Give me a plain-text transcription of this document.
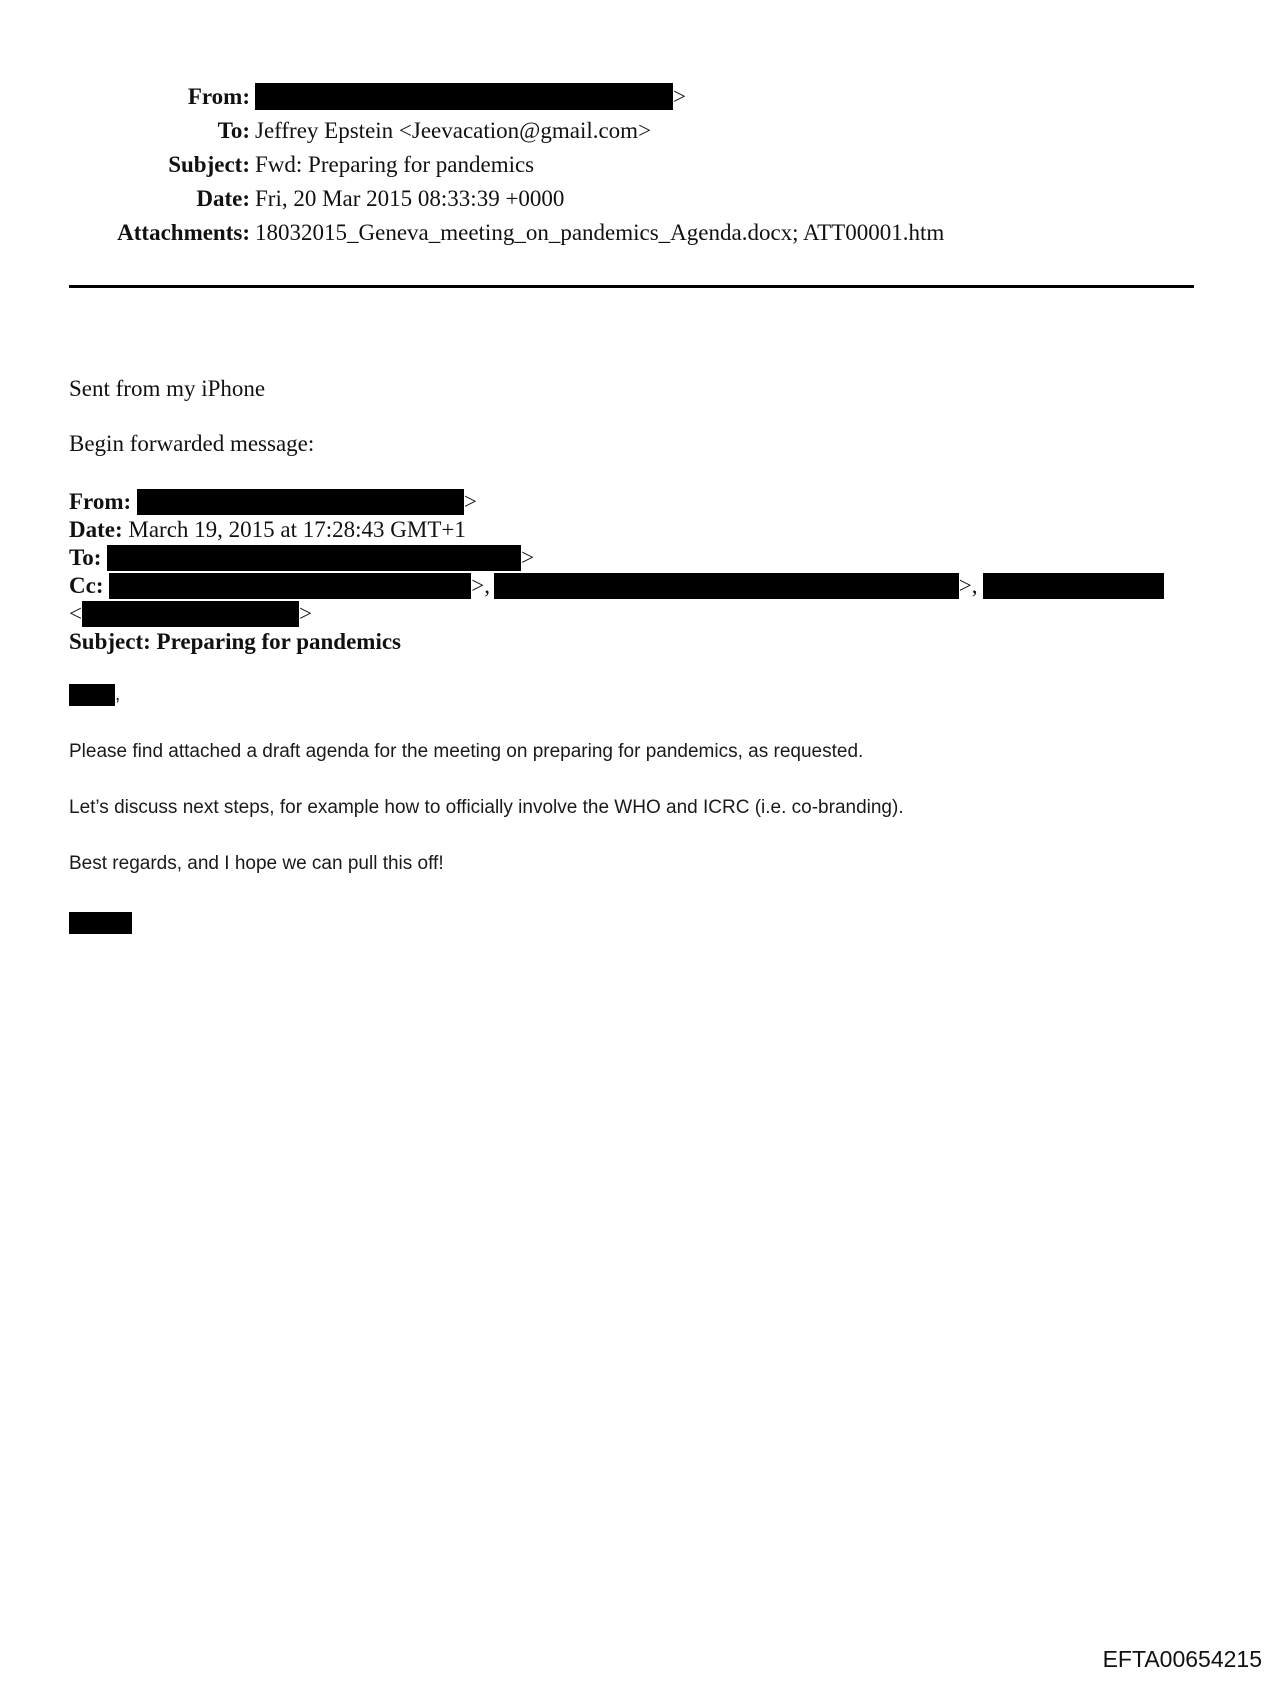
From:	>
To: Jeffrey Epstein <Jeevacation@gmail.com>
Subject: Fwd: Preparing for pandemics
Date: Fri, 20 Mar 2015 08:33:39 +0000
Attachments: 18032015_Geneva_meeting_on_pandemics_Agenda.docx; ATT00001.htm
Sent from my iPhone
Begin forwarded message:
From:	>
Date: March 19, 2015 at 17:28:43 GMT+1
To:	>
Cc:	>,	>,
<	>
Subject: Preparing for pandemics
,
Please find attached a draft agenda for the meeting on preparing for pandemics, as requested.
Let’s discuss next steps, for example how to officially involve the WHO and ICRC (i.e. co-branding).
Best regards, and I hope we can pull this off!
EFTA00654215
